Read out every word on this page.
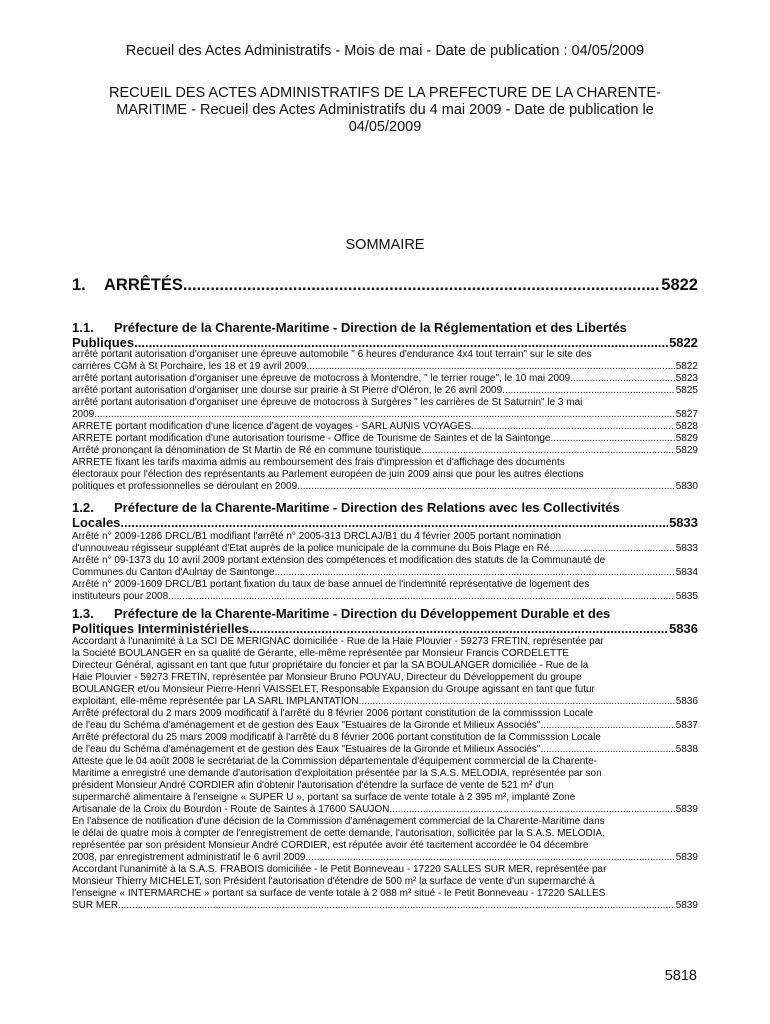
Recueil des Actes Administratifs - Mois de mai - Date de publication : 04/05/2009
RECUEIL DES ACTES ADMINISTRATIFS DE LA PREFECTURE DE LA CHARENTE-
MARITIME - Recueil des Actes Administratifs du 4 mai 2009 - Date de publication le
04/05/2009
SOMMAIRE
1.	ARRÊTÉS .....	5822
1.1. Préfecture de la Charente-Maritime - Direction de la Réglementation et des Libertés
Publiques .....	5822
arrêté portant autorisation d'organiser une épreuve automobile " 6 heures d'endurance 4x4 tout terrain" sur le site des
carrières CGM à St Porchaire, les 18 et 19 avril 2009 .....	5822
arrêté portant autorisation d'organiser une épreuve de motocross à Montendre, " le terrier rouge", le 10 mai 2009 .....	5823
arrêté portant autorisation d'organiser une dourse sur prairie à St Pierre d'Oléron, le 26 avril 2009 .....	5825
arrêté portant autorisation d'organiser une épreuve de motocross à Surgères " les carrières de St Saturnin" le 3 mai
2009 .....	5827
ARRETE portant modification d'une licence d'agent de voyages - SARL AUNIS VOYAGES .....	5828
ARRETE portant modification d'une autorisation tourisme - Office de Tourisme de Saintes et de la Saintonge .....	5829
Arrêté prononçant la dénomination de St Martin de Ré en commune touristique .....	5829
ARRETE fixant les tarifs maxima admis au remboursement des frais d'impression et d'affichage des documents
électoraux pour l'élection des représentants au Parlement européen de juin 2009 ainsi que pour les autres élections
politiques et professionnelles se déroulant en 2009 .....	5830
1.2. Préfecture de la Charente-Maritime - Direction des Relations avec les Collectivités
Locales .....	5833
Arrêté n° 2009-1286 DRCL/B1 modifiant l'arrêté n° 2005-313 DRCLAJ/B1 du 4 février 2005 portant nomination
d'unnouveau régisseur suppléant d'Etat auprès de la police municipale de la commune du Bois Plage en Ré .....	5833
Arrêté n° 09-1373 du 10 avril 2009 portant extension des compétences et modification des statuts de la Communauté de
Communes du Canton d'Aulnay de Saintonge .....	5834
Arrêté n° 2009-1609 DRCL/B1 portant fixation du taux de base annuel de l'indemnité représentative de logement des
instituteurs pour 2008 .....	5835
1.3. Préfecture de la Charente-Maritime - Direction du Développement Durable et des
Politiques Interministérielles .....	5836
Accordant à l'unanimité à La SCI DE MERIGNAC domiciliée - Rue de la Haie Plouvier - 59273 FRETIN, représentée par
la Société BOULANGER en sa qualité de Gérante, elle-même représentée par Monsieur Francis CORDELETTE
Directeur Général, agissant en tant que futur propriétaire du foncier et par la SA BOULANGER domiciliée - Rue de la
Haie Plouvier - 59273 FRETIN, représentée par Monsieur Bruno POUYAU, Directeur du Développement du groupe
BOULANGER et/ou Monsieur Pierre-Henri VAISSELET, Responsable Expansion du Groupe agissant en tant que futur
exploitant, elle-même représentée par LA SARL IMPLANTATION .....	5836
Arrêté préfectoral du 2 mars 2009 modificatif à l'arrêté du 8 février 2006 portant constitution de la commisssion Locale
de l'eau du Schéma d'aménagement et de gestion des Eaux "Estuaires de la Gironde et Milieux Associés" .....	5837
Arrêté préfectoral du 25 mars 2009 modificatif à l'arrêté du 8 février 2006 portant constitution de la Commisssion Locale
de l'eau du Schéma d'aménagement et de gestion des Eaux "Estuaires de la Gironde et Milieux Associés" .....	5838
Atteste que le 04 août 2008 le secrétariat de la Commission départementale d'équipement commercial de la Charente-
Maritime a enregistré une demande d'autorisation d'exploitation présentée par la S.A.S. MELODIA, représentée par son
président Monsieur André CORDIER afin d'obtenir l'autorisation d'étendre la surface de vente de 521 m² d'un
supermarché alimentaire à l'enseigne « SUPER U », portant sa surface de vente totale à 2 395 m², implanté Zone
Artisanale de la Croix du Bourdon - Route de Saintes à 17600 SAUJON .....	5839
En l'absence de notification d'une décision de la Commission d'aménagement commercial de la Charente-Maritime dans
le délai de quatre mois à compter de l'enregistrement de cette demande, l'autorisation, sollicitée par la S.A.S. MELODIA,
représentée par son président Monsieur André CORDIER, est réputée avoir été tacitement accordée le 04 décembre
2008, par enregistrement administratif le 6 avril 2009 .....	5839
Accordant l'unanimité à la S.A.S. FRABOIS domiciliée - le Petit Bonneveau - 17220 SALLES SUR MER, représentée par
Monsieur Thierry MICHELET, son Président l'autorisation d'étendre de 500 m² la surface de vente d'un supermarché à
l'enseigne « INTERMARCHE » portant sa surface de vente totale à 2 088 m² situé - le Petit Bonneveau - 17220 SALLES
SUR MER .....	5839
5818
